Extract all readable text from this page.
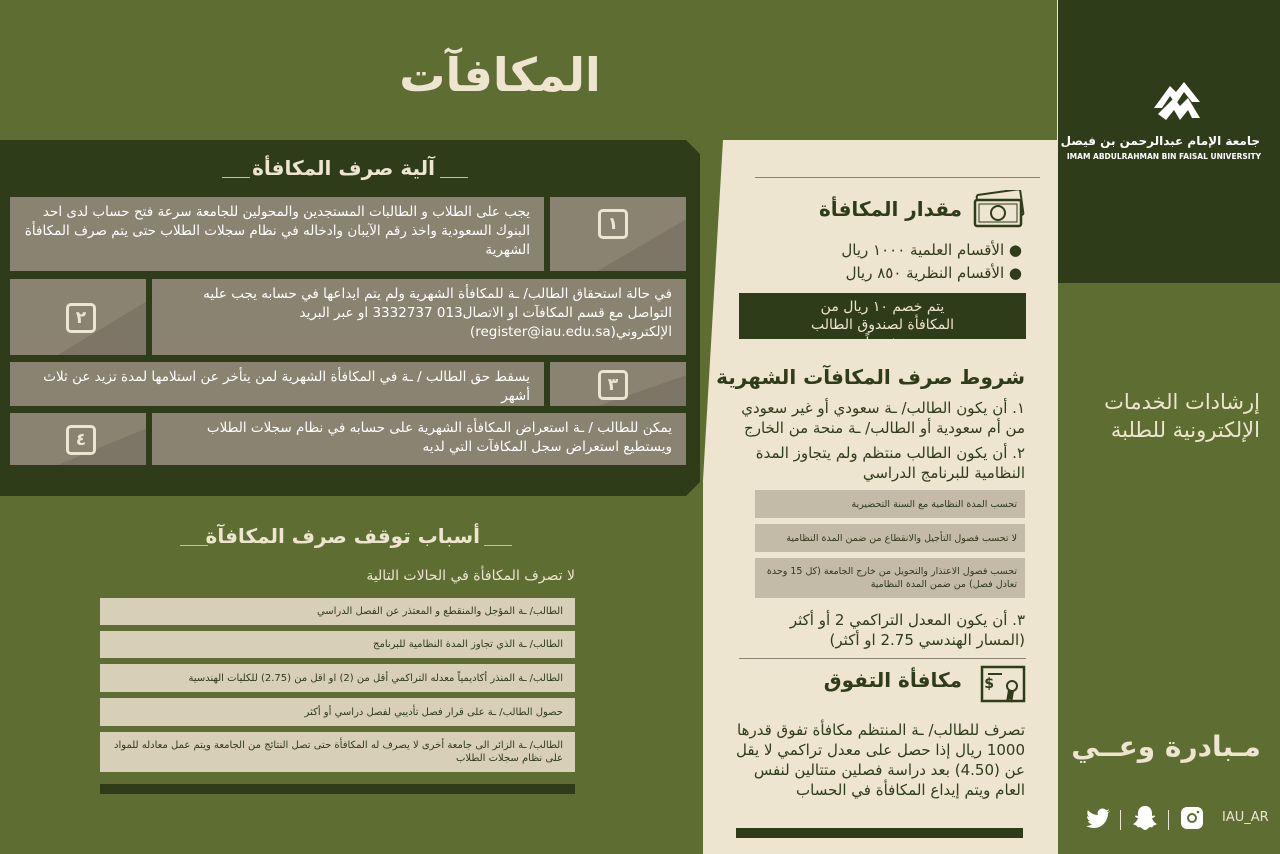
المكافآت
آلية صرف المكافأة
يجب على الطلاب و الطالبات المستجدين والمحولين للجامعة سرعة فتح حساب لدى احد البنوك السعودية واخذ رقم الآيبان وادخاله في نظام سجلات الطلاب حتى يتم صرف المكافأة الشهرية
١
٢
في حالة استحقاق الطالب/ ـة للمكافأة الشهرية ولم يتم ايداعها في حسابه يجب عليه التواصل مع قسم المكافآت او الاتصال013 3332737 او عبر البريد الإلكتروني(register@iau.edu.sa)
يسقط حق الطالب / ـة في المكافأة الشهرية لمن يتأخر عن استلامها لمدة تزيد عن ثلاث أشهر
٣
٤
يمكن للطالب / ـة استعراض المكافأة الشهرية على حسابه في نظام سجلات الطلاب ويستطيع استعراض سجل المكافآت التي لديه
أسباب توقف صرف المكافآة
لا تصرف المكافأة في الحالات التالية
الطالب/ ـة المؤجل والمنقطع و المعتذر عن الفصل الدراسي
الطالب/ ـة الذي تجاوز المدة النظامية للبرنامج
الطالب/ ـة المنذر أكاديمياً معدله التراكمي أقل من (2) او اقل من (2.75) للكليات الهندسية
حصول الطالب/ ـة على قرار فصل تأديبي لفصل دراسي أو أكثر
الطالب/ ـة الزائر الى جامعة أخرى لا يصرف له المكافأة حتى تصل النتائج من الجامعة ويتم عمل معادله للمواد على نظام سجلات الطلاب
مقدار المكافأة
● الأقسام العلمية ١٠٠٠ ريال
● الأقسام النظرية ٨٥٠ ريال
يتم خصم ١٠ ريال من المكافأة لصندوق الطالب شهرياً
شروط صرف المكافآت الشهرية
١. أن يكون الطالب/ ـة سعودي أو غير سعودي من أم سعودية أو الطالب/ ـة منحة من الخارج
٢. أن يكون الطالب منتظم ولم يتجاوز المدة النظامية للبرنامج الدراسي
تحسب المدة النظامية مع السنة التحضيرية
لا تحسب فصول التأجيل والانقطاع من ضمن المدة النظامية
تحسب فصول الاعتذار والتحويل من خارج الجامعة (كل 15 وحدة تعادل فصل) من ضمن المدة النظامية
٣. أن يكون المعدل التراكمي 2 أو أكثر (المسار الهندسي 2.75 او أكثر)
مكافأة التفوق $
تصرف للطالب/ ـة المنتظم مكافأة تفوق قدرها 1000 ريال إذا حصل على معدل تراكمي لا يقل عن (4.50) بعد دراسة فصلين متتالين لنفس العام ويتم إيداع المكافأة في الحساب
جامعة الإمام عبدالرحمن بن فيصل
IMAM ABDULRAHMAN BIN FAISAL UNIVERSITY
إرشادات الخدمات الإلكترونية للطلبة
مـبادرة وعــي
IAU_AR
